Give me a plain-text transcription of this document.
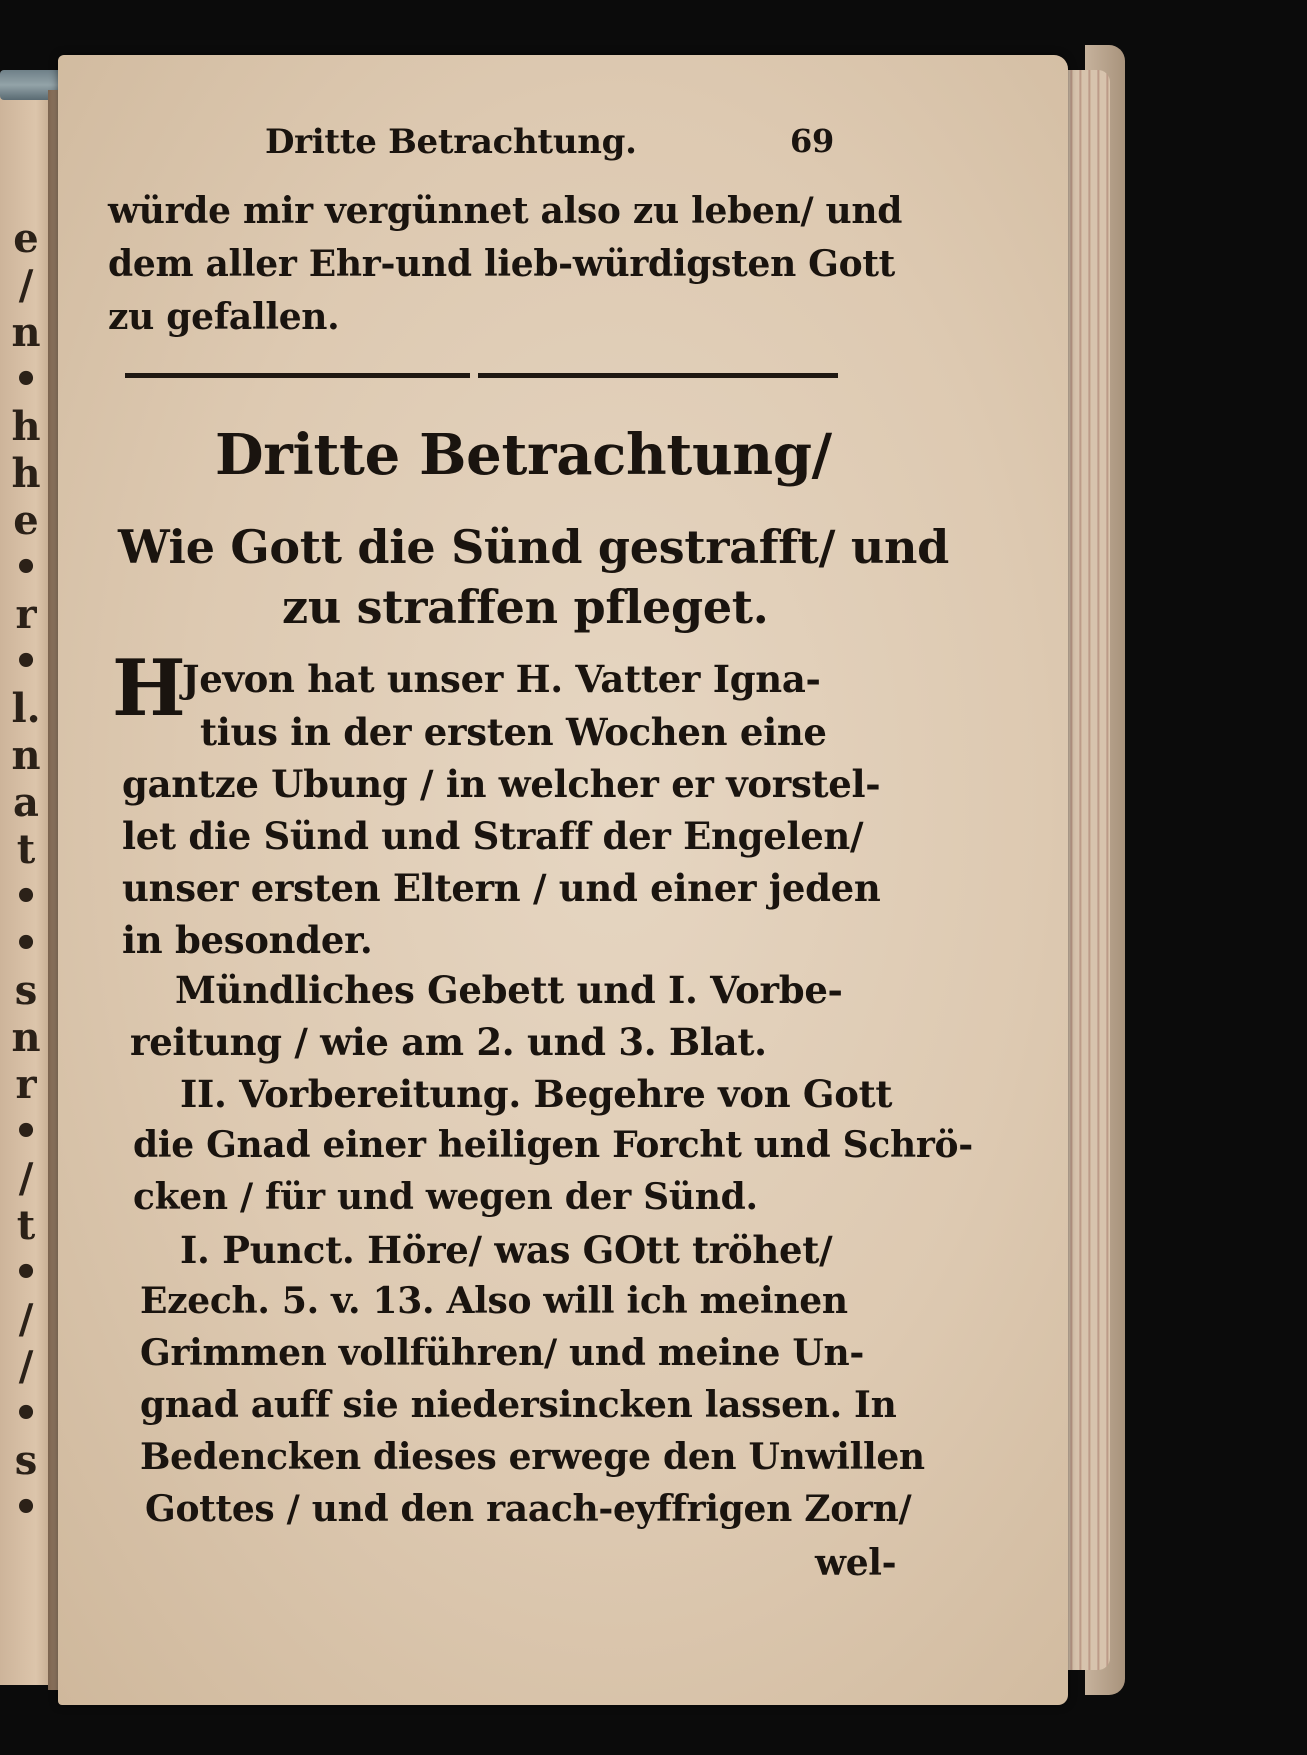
e
/
n
•
h
h
e
•
r
•
l.
n
a
t
•
•
s
n
r
•
/
t
•
/
/
•
s
•
Dritte Betrachtung.	69
würde mir vergünnet also zu leben/ und
dem aller Ehr-und lieb-würdigsten Gott
zu gefallen.
Dritte Betrachtung/
Wie Gott die Sünd gestrafft/ und
zu straffen pfleget.
H
Jevon hat unser H. Vatter Igna-
tius in der ersten Wochen eine
gantze Ubung / in welcher er vorstel-
let die Sünd und Straff der Engelen/
unser ersten Eltern / und einer jeden
in besonder.
Mündliches Gebett und I. Vorbe-
reitung / wie am 2. und 3. Blat.
II. Vorbereitung. Begehre von Gott
die Gnad einer heiligen Forcht und Schrö-
cken / für und wegen der Sünd.
I. Punct. Höre/ was GOtt tröhet/
Ezech. 5. v. 13. Also will ich meinen
Grimmen vollführen/ und meine Un-
gnad auff sie niedersincken lassen. In
Bedencken dieses erwege den Unwillen
Gottes / und den raach-eyffrigen Zorn/
wel-
